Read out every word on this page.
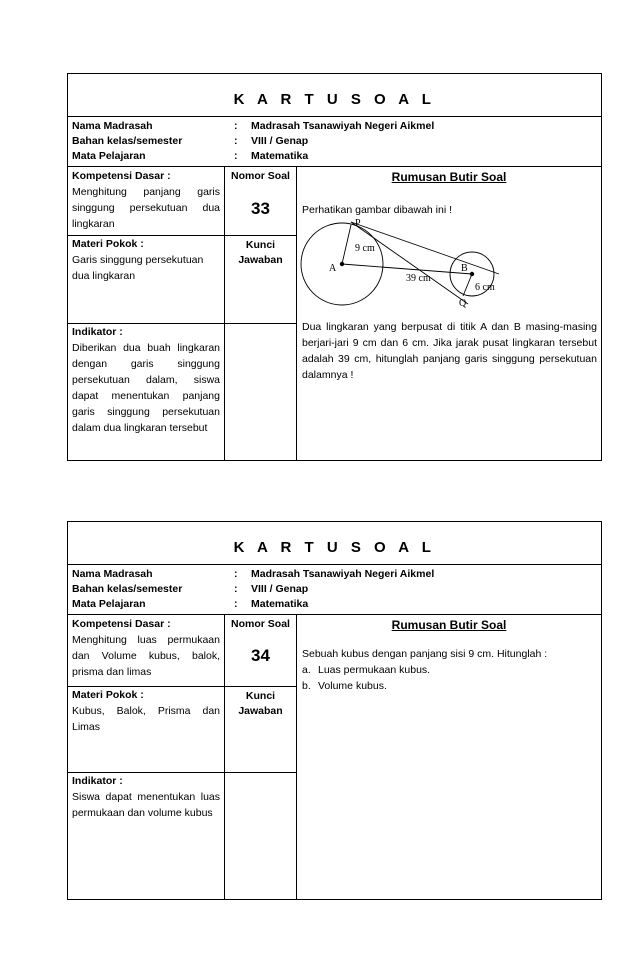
K A R T U S O A L
Nama Madrasah	: Madrasah Tsanawiyah Negeri Aikmel
Bahan kelas/semester	: VIII / Genap
Mata Pelajaran	: Matematika
Kompetensi Dasar :
Menghitung panjang garis singgung persekutuan dua lingkaran
Materi Pokok :
Garis singgung persekutuan dua lingkaran
Indikator :
Diberikan dua buah lingkaran dengan garis singgung persekutuan dalam, siswa dapat menentukan panjang garis singgung persekutuan dalam dua lingkaran tersebut
Nomor Soal
33
Kunci
Jawaban
Rumusan Butir Soal
Perhatikan gambar dibawah ini !
P
A	B
Q
9 cm
39 cm
6 cm
Dua lingkaran yang berpusat di titik A dan B masing-masing berjari-jari 9 cm dan 6 cm. Jika jarak pusat lingkaran tersebut adalah 39 cm, hitunglah panjang garis singgung persekutuan dalamnya !
K A R T U S O A L
Nama Madrasah	: Madrasah Tsanawiyah Negeri Aikmel
Bahan kelas/semester	: VIII / Genap
Mata Pelajaran	: Matematika
Kompetensi Dasar :
Menghitung luas permukaan dan Volume kubus, balok, prisma dan limas
Materi Pokok :
Kubus, Balok, Prisma dan Limas
Indikator :
Siswa dapat menentukan luas permukaan dan volume kubus
Nomor Soal
34
Kunci
Jawaban
Rumusan Butir Soal
Sebuah kubus dengan panjang sisi 9 cm. Hitunglah :
a. Luas permukaan kubus.
b. Volume kubus.
